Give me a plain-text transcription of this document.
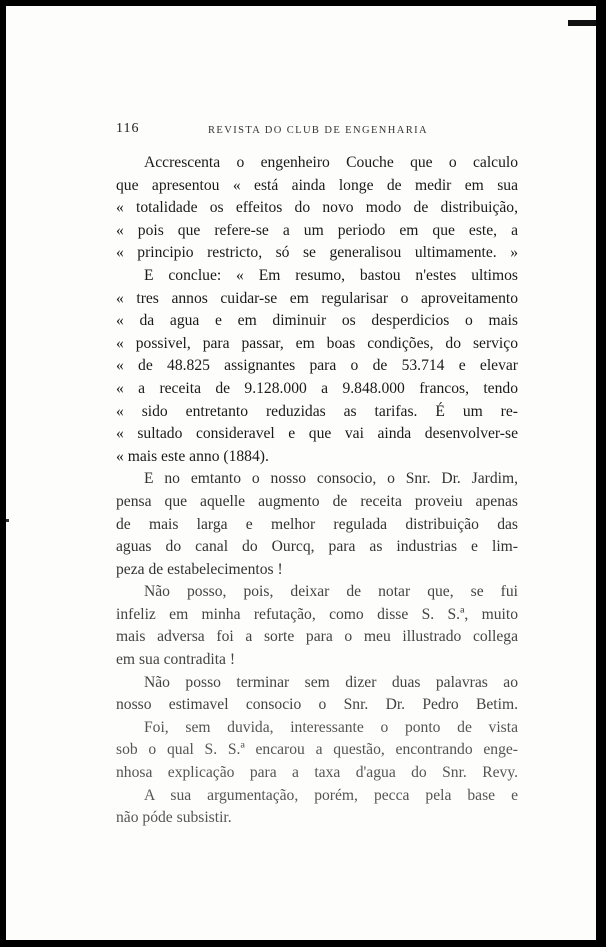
116	REVISTA DO CLUB DE ENGENHARIA
Accrescenta o engenheiro Couche que o calculo
que apresentou « está ainda longe de medir em sua
« totalidade os effeitos do novo modo de distribuição,
« pois que refere-se a um periodo em que este, a
« principio restricto, só se generalisou ultimamente. »
E conclue: « Em resumo, bastou n'estes ultimos
« tres annos cuidar-se em regularisar o aproveitamento
« da agua e em diminuir os desperdicios o mais
« possivel, para passar, em boas condições, do serviço
« de 48.825 assignantes para o de 53.714 e elevar
« a receita de 9.128.000 a 9.848.000 francos, tendo
« sido entretanto reduzidas as tarifas. É um re-
« sultado consideravel e que vai ainda desenvolver-se
« mais este anno (1884).
E no emtanto o nosso consocio, o Snr. Dr. Jardim,
pensa que aquelle augmento de receita proveiu apenas
de mais larga e melhor regulada distribuição das
aguas do canal do Ourcq, para as industrias e lim-
peza de estabelecimentos !
Não posso, pois, deixar de notar que, se fui
infeliz em minha refutação, como disse S. S.ª, muito
mais adversa foi a sorte para o meu illustrado collega
em sua contradita !
Não posso terminar sem dizer duas palavras ao
nosso estimavel consocio o Snr. Dr. Pedro Betim.
Foi, sem duvida, interessante o ponto de vista
sob o qual S. S.ª encarou a questão, encontrando enge-
nhosa explicação para a taxa d'agua do Snr. Revy.
A sua argumentação, porém, pecca pela base e
não póde subsistir.
